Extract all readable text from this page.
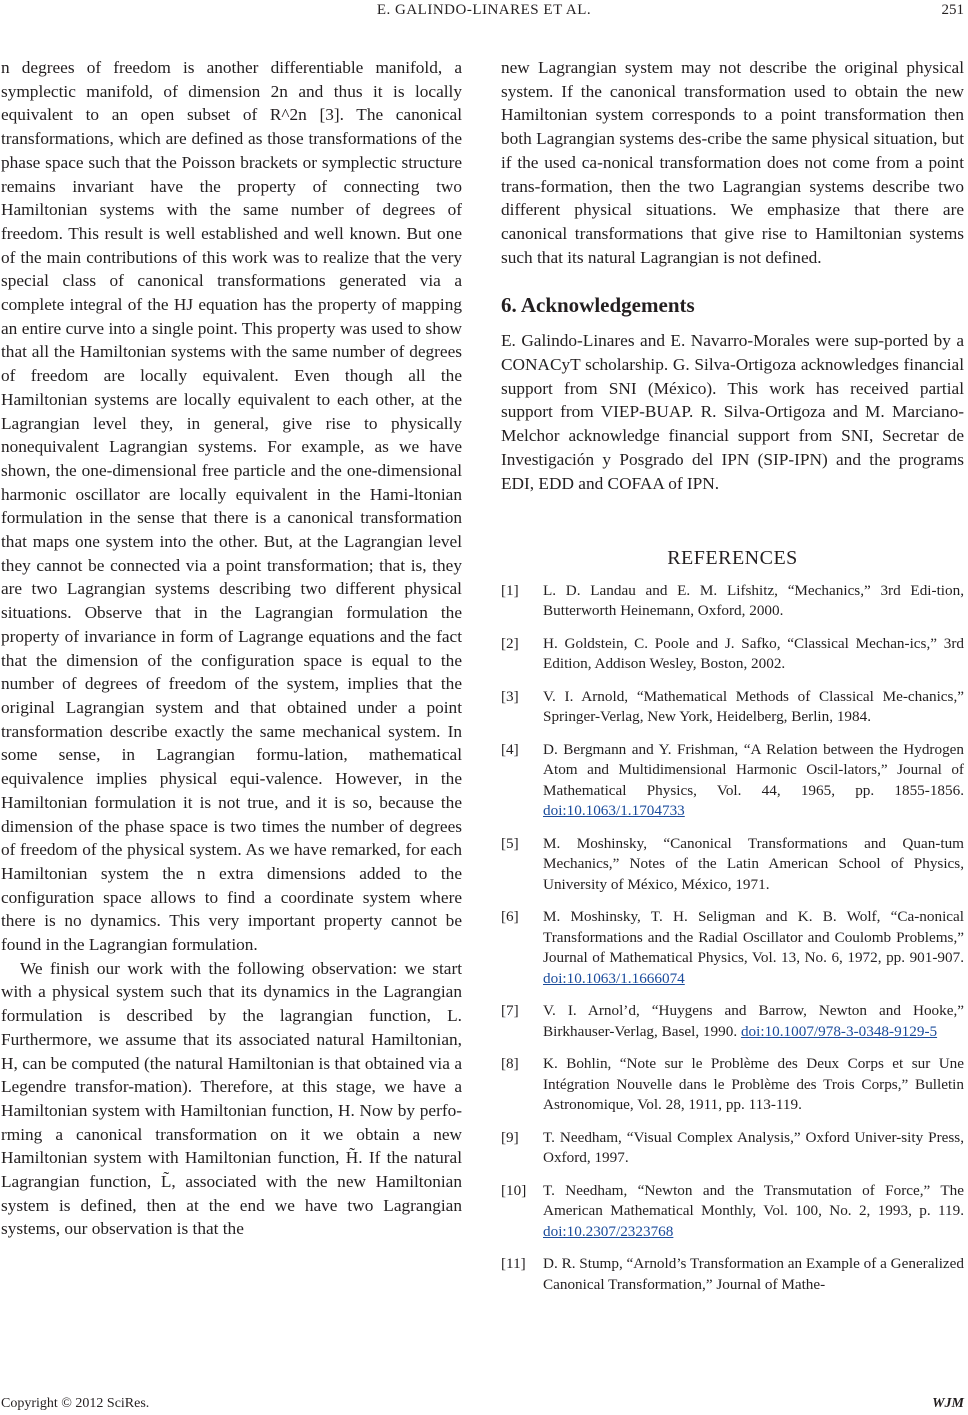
E. GALINDO-LINARES ET AL.	251

n degrees of freedom is another differentiable manifold, a symplectic manifold, of dimension 2n and thus it is locally equivalent to an open subset of R^2n [3]. The canonical transformations, which are defined as those transformations of the phase space such that the Poisson brackets or symplectic structure remains invariant have the property of connecting two Hamiltonian systems with the same number of degrees of freedom. This result is well established and well known. But one of the main contributions of this work was to realize that the very special class of canonical transformations generated via a complete integral of the HJ equation has the property of mapping an entire curve into a single point. This property was used to show that all the Hamiltonian systems with the same number of degrees of freedom are locally equivalent. Even though all the Hamiltonian systems are locally equivalent to each other, at the Lagrangian level they, in general, give rise to physically nonequivalent Lagrangian systems. For example, as we have shown, the one-dimensional free particle and the one-dimensional harmonic oscillator are locally equivalent in the Hami-ltonian formulation in the sense that there is a canonical transformation that maps one system into the other. But, at the Lagrangian level they cannot be connected via a point transformation; that is, they are two Lagrangian systems describing two different physical situations. Observe that in the Lagrangian formulation the property of invariance in form of Lagrange equations and the fact that the dimension of the configuration space is equal to the number of degrees of freedom of the system, implies that the original Lagrangian system and that obtained under a point transformation describe exactly the same mechanical system. In some sense, in Lagrangian formu-lation, mathematical equivalence implies physical equi-valence. However, in the Hamiltonian formulation it is not true, and it is so, because the dimension of the phase space is two times the number of degrees of freedom of the physical system. As we have remarked, for each Hamiltonian system the n extra dimensions added to the configuration space allows to find a coordinate system where there is no dynamics. This very important property cannot be found in the Lagrangian formulation.

We finish our work with the following observation: we start with a physical system such that its dynamics in the Lagrangian formulation is described by the lagrangian function, L. Furthermore, we assume that its associated natural Hamiltonian, H, can be computed (the natural Hamiltonian is that obtained via a Legendre transfor-mation). Therefore, at this stage, we have a Hamiltonian system with Hamiltonian function, H. Now by perfo-rming a canonical transformation on it we obtain a new Hamiltonian system with Hamiltonian function, H̃. If the natural Lagrangian function, L̃, associated with the new Hamiltonian system is defined, then at the end we have two Lagrangian systems, our observation is that the

new Lagrangian system may not describe the original physical system. If the canonical transformation used to obtain the new Hamiltonian system corresponds to a point transformation then both Lagrangian systems des-cribe the same physical situation, but if the used ca-nonical transformation does not come from a point trans-formation, then the two Lagrangian systems describe two different physical situations. We emphasize that there are canonical transformations that give rise to Hamiltonian systems such that its natural Lagrangian is not defined.

6. Acknowledgements

E. Galindo-Linares and E. Navarro-Morales were sup-ported by a CONACyT scholarship. G. Silva-Ortigoza acknowledges financial support from SNI (México). This work has received partial support from VIEP-BUAP. R. Silva-Ortigoza and M. Marciano-Melchor acknowledge financial support from SNI, Secretar de Investigación y Posgrado del IPN (SIP-IPN) and the programs EDI, EDD and COFAA of IPN.

REFERENCES
[1] L. D. Landau and E. M. Lifshitz, “Mechanics,” 3rd Edi-tion, Butterworth Heinemann, Oxford, 2000.
[2] H. Goldstein, C. Poole and J. Safko, “Classical Mechan-ics,” 3rd Edition, Addison Wesley, Boston, 2002.
[3] V. I. Arnold, “Mathematical Methods of Classical Me-chanics,” Springer-Verlag, New York, Heidelberg, Berlin, 1984.
[4] D. Bergmann and Y. Frishman, “A Relation between the Hydrogen Atom and Multidimensional Harmonic Oscil-lators,” Journal of Mathematical Physics, Vol. 44, 1965, pp. 1855-1856. doi:10.1063/1.1704733
[5] M. Moshinsky, “Canonical Transformations and Quan-tum Mechanics,” Notes of the Latin American School of Physics, University of México, México, 1971.
[6] M. Moshinsky, T. H. Seligman and K. B. Wolf, “Ca-nonical Transformations and the Radial Oscillator and Coulomb Problems,” Journal of Mathematical Physics, Vol. 13, No. 6, 1972, pp. 901-907. doi:10.1063/1.1666074
[7] V. I. Arnol’d, “Huygens and Barrow, Newton and Hooke,” Birkhauser-Verlag, Basel, 1990. doi:10.1007/978-3-0348-9129-5
[8] K. Bohlin, “Note sur le Problème des Deux Corps et sur Une Intégration Nouvelle dans le Problème des Trois Corps,” Bulletin Astronomique, Vol. 28, 1911, pp. 113-119.
[9] T. Needham, “Visual Complex Analysis,” Oxford Univer-sity Press, Oxford, 1997.
[10] T. Needham, “Newton and the Transmutation of Force,” The American Mathematical Monthly, Vol. 100, No. 2, 1993, p. 119. doi:10.2307/2323768
[11] D. R. Stump, “Arnold’s Transformation an Example of a Generalized Canonical Transformation,” Journal of Mathe-
Copyright © 2012 SciRes.	WJM
